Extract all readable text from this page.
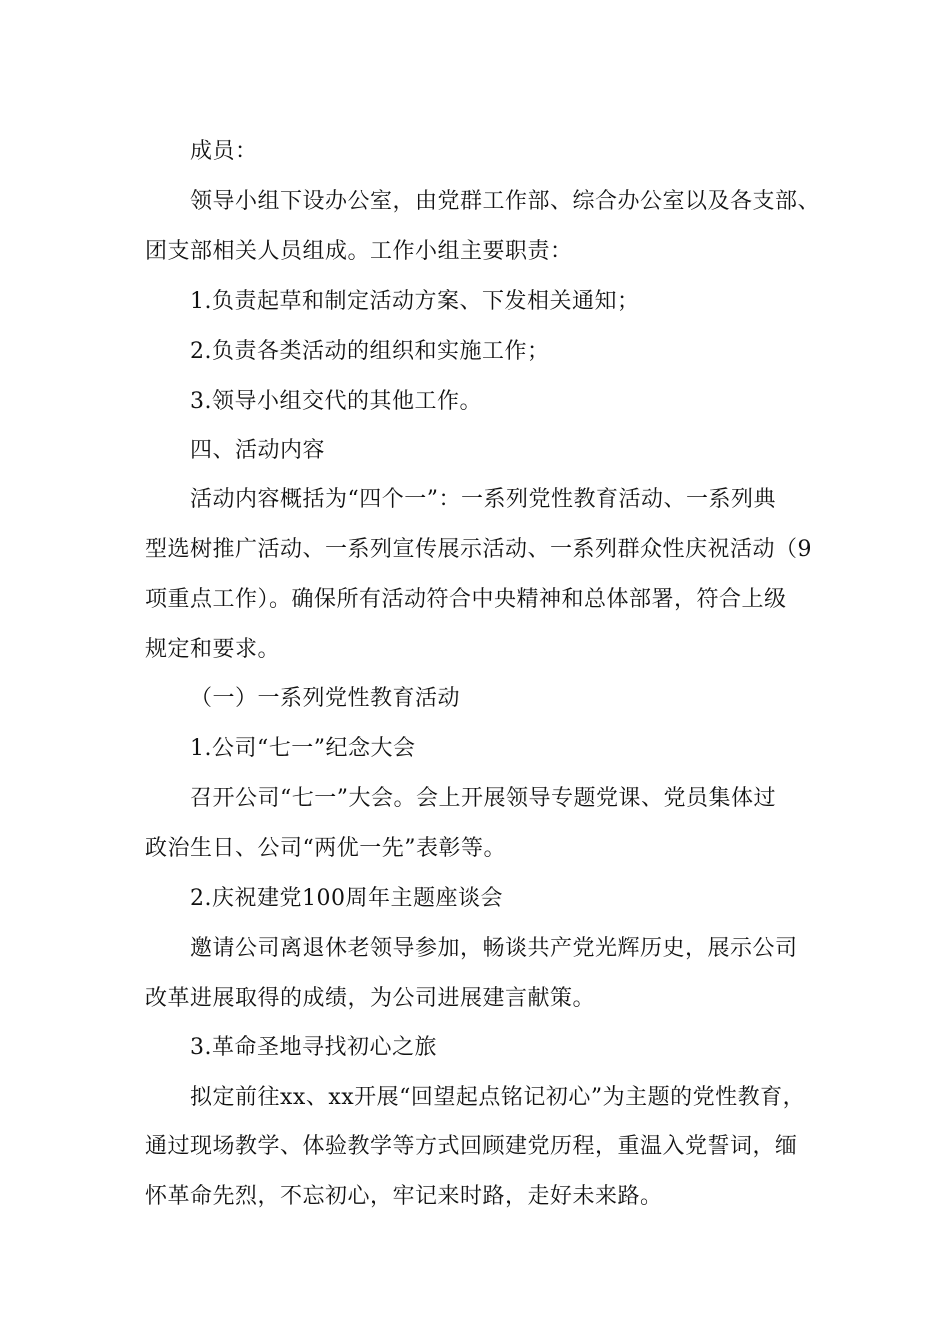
成员：
领导小组下设办公室，由党群工作部、综合办公室以及各支部、
团支部相关人员组成。工作小组主要职责：
1.负责起草和制定活动方案、下发相关通知；
2.负责各类活动的组织和实施工作；
3.领导小组交代的其他工作。
四、活动内容
活动内容概括为“四个一”：一系列党性教育活动、一系列典
型选树推广活动、一系列宣传展示活动、一系列群众性庆祝活动（9
项重点工作）。确保所有活动符合中央精神和总体部署，符合上级
规定和要求。
（一）一系列党性教育活动
1.公司“七一”纪念大会
召开公司“七一”大会。会上开展领导专题党课、党员集体过
政治生日、公司“两优一先”表彰等。
2.庆祝建党100周年主题座谈会
邀请公司离退休老领导参加，畅谈共产党光辉历史，展示公司
改革进展取得的成绩，为公司进展建言献策。
3.革命圣地寻找初心之旅
拟定前往xx、xx开展“回望起点铭记初心”为主题的党性教育，
通过现场教学、体验教学等方式回顾建党历程，重温入党誓词，缅
怀革命先烈，不忘初心，牢记来时路，走好未来路。
